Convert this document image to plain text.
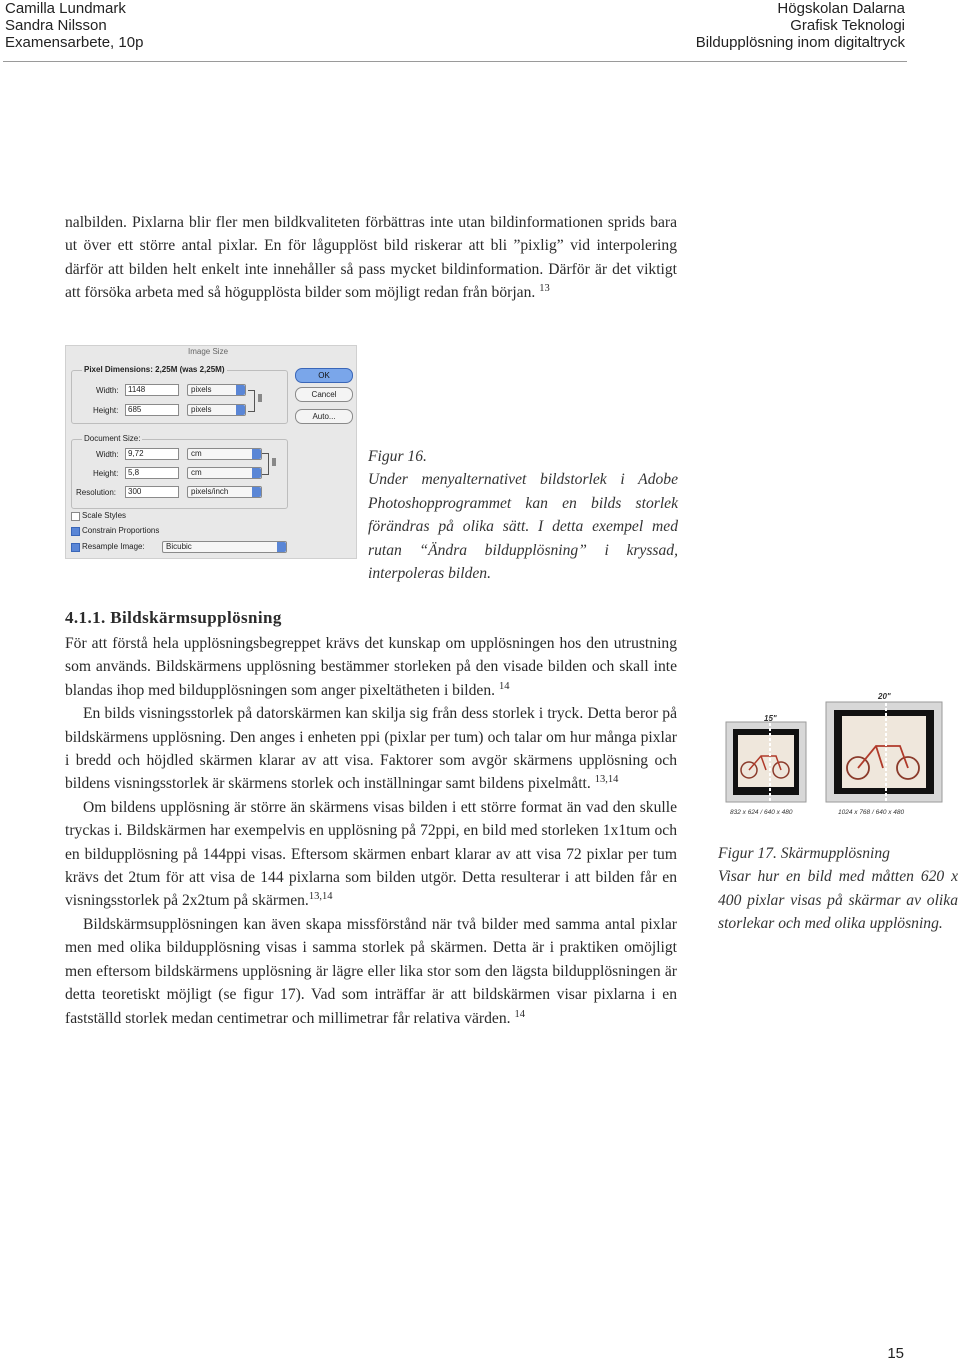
Camilla Lundmark
Sandra Nilsson
Examensarbete, 10p
Högskolan Dalarna
Grafisk Teknologi
Bildupplösning inom digitaltryck

nalbilden. Pixlarna blir fler men bildkvaliteten förbättras inte utan bildinformationen sprids bara ut över ett större antal pixlar. En för lågupplöst bild riskerar att bli ”pixlig” vid interpolering därför att bilden helt enkelt inte innehåller så pass mycket bildinformation. Därför är det viktigt att försöka arbeta med så högupplösta bilder som möjligt redan från början. $^{13}$

Image Size
Pixel Dimensions: 2,25M (was 2,25M)
Width:	1148	pixels
Height:	685	pixels
Document Size:
Width:	9,72	cm
Height:	5,8	cm
Resolution:	300	pixels/inch
Scale Styles
Constrain Proportions
Resample Image:	Bicubic
OK
Cancel
Auto...
Figur 16.
Under menyalternativet bildstorlek i Adobe Photoshopprogrammet kan en bilds storlek förändras på olika sätt. I detta exempel med rutan “Ändra bildupplösning” i kryssad, interpoleras bilden.
4.1.1. Bildskärmsupplösning

För att förstå hela upplösningsbegreppet krävs det kunskap om upplösningen hos den utrustning som används. Bildskärmens upplösning bestämmer storleken på den visade bilden och skall inte blandas ihop med bildupplösningen som anger pixeltätheten i bilden. $^{14}$

En bilds visningsstorlek på datorskärmen kan skilja sig från dess storlek i tryck. Detta beror på bildskärmens upplösning. Den anges i enheten ppi (pixlar per tum) och talar om hur många pixlar i bredd och höjdled skärmen klarar av att visa. Faktorer som avgör skärmens upplösning och bildens visningsstorlek är skärmens storlek och inställningar samt bildens pixelmått. $^{13,14}$

Om bildens upplösning är större än skärmens visas bilden i ett större format än vad den skulle tryckas i. Bildskärmen har exempelvis en upplösning på 72ppi, en bild med storleken 1x1tum och en bildupplösning på 144ppi visas. Eftersom skärmen enbart klarar av att visa 72 pixlar per tum krävs det 2tum för att visa de 144 pixlarna som bilden utgör. Detta resulterar i att bilden får en visningsstorlek på 2x2tum på skärmen.$^{13,14}$

Bildskärmsupplösningen kan även skapa missförstånd när två bilder med samma antal pixlar men med olika bildupplösning visas i samma storlek på skärmen. Detta är i praktiken omöjligt men eftersom bildskärmens upplösning är lägre eller lika stor som den lägsta bildupplösningen är detta teoretiskt möjligt (se figur 17). Vad som inträffar är att bildskärmen visar pixlarna i en fastställd storlek medan centimetrar och millimetrar får relativa värden. $^{14}$

15"
20"
832 x 624 / 640 x 480	1024 x 768 / 640 x 480
Figur 17. Skärmupplösning
Visar hur en bild med måtten 620 x 400 pixlar visas på skärmar av olika storlekar och med olika upplösning.
15
